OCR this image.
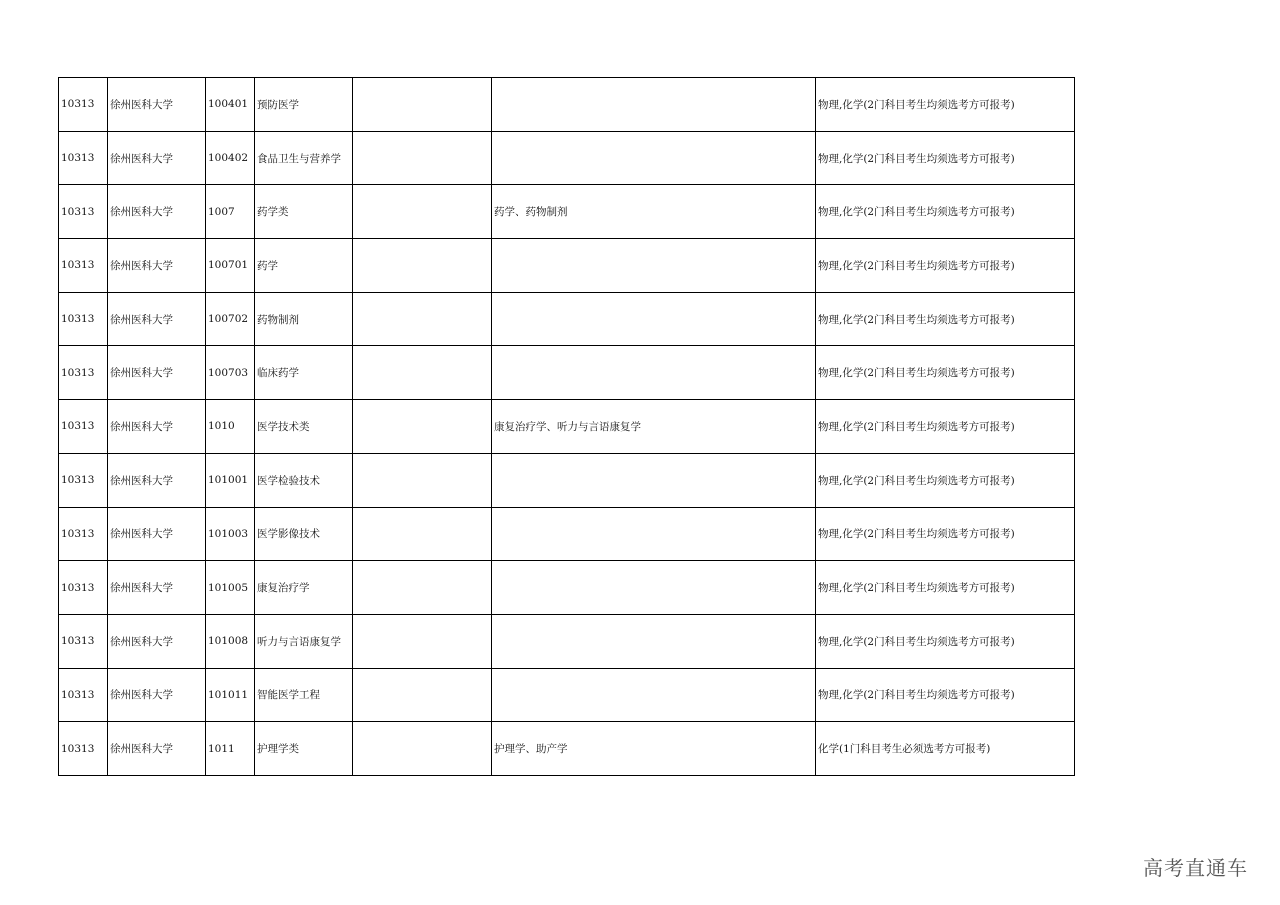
10313	徐州医科大学	100401	预防医学			物理,化学(2门科目考生均须选考方可报考)
10313	徐州医科大学	100402	食品卫生与营养学			物理,化学(2门科目考生均须选考方可报考)
10313	徐州医科大学	1007	药学类		药学、药物制剂	物理,化学(2门科目考生均须选考方可报考)
10313	徐州医科大学	100701	药学			物理,化学(2门科目考生均须选考方可报考)
10313	徐州医科大学	100702	药物制剂			物理,化学(2门科目考生均须选考方可报考)
10313	徐州医科大学	100703	临床药学			物理,化学(2门科目考生均须选考方可报考)
10313	徐州医科大学	1010	医学技术类		康复治疗学、听力与言语康复学	物理,化学(2门科目考生均须选考方可报考)
10313	徐州医科大学	101001	医学检验技术			物理,化学(2门科目考生均须选考方可报考)
10313	徐州医科大学	101003	医学影像技术			物理,化学(2门科目考生均须选考方可报考)
10313	徐州医科大学	101005	康复治疗学			物理,化学(2门科目考生均须选考方可报考)
10313	徐州医科大学	101008	听力与言语康复学			物理,化学(2门科目考生均须选考方可报考)
10313	徐州医科大学	101011	智能医学工程			物理,化学(2门科目考生均须选考方可报考)
10313	徐州医科大学	1011	护理学类		护理学、助产学	化学(1门科目考生必须选考方可报考)
高考直通车
